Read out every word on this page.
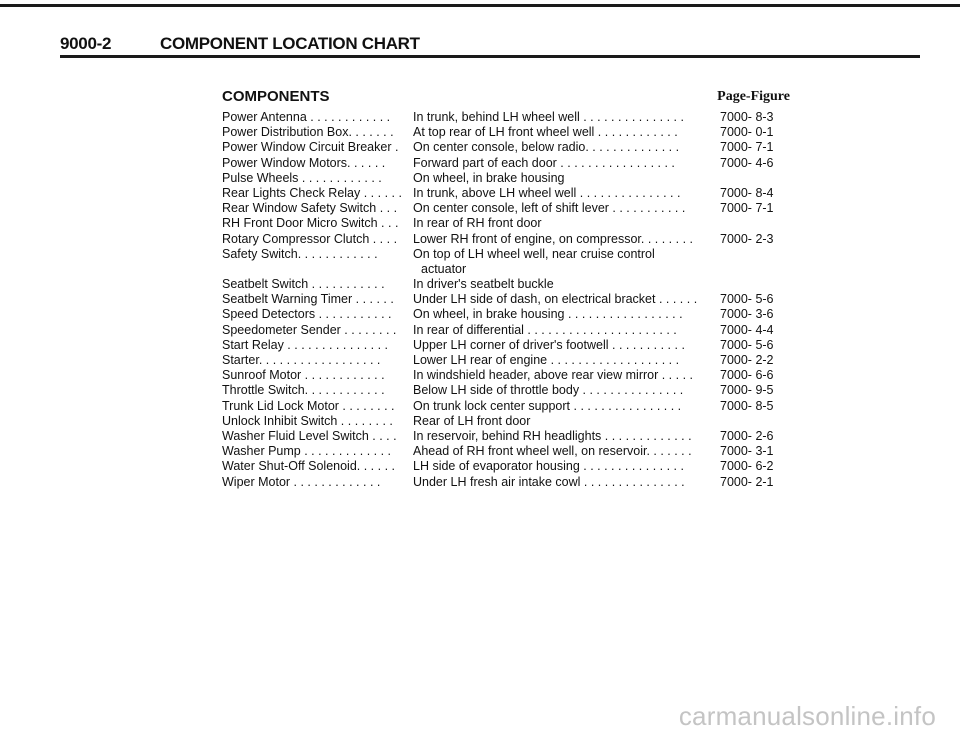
9000-2	COMPONENT LOCATION CHART
COMPONENTS	Page-Figure
Power Antenna . . . . . . . . . . . .	In trunk, behind LH wheel well . . . . . . . . . . . . . . .	7000- 8-3
Power Distribution Box. . . . . . .	At top rear of LH front wheel well . . . . . . . . . . . .	7000- 0-1
Power Window Circuit Breaker .	On center console, below radio. . . . . . . . . . . . . .	7000- 7-1
Power Window Motors. . . . . .	Forward part of each door . . . . . . . . . . . . . . . . .	7000- 4-6
Pulse Wheels . . . . . . . . . . . .	On wheel, in brake housing
Rear Lights Check Relay . . . . . . In trunk, above LH wheel well . . . . . . . . . . . . . . .	7000- 8-4
Rear Window Safety Switch . . .	On center console, left of shift lever . . . . . . . . . . .	7000- 7-1
RH Front Door Micro Switch . . .	In rear of RH front door
Rotary Compressor Clutch . . . .	Lower RH front of engine, on compressor. . . . . . . .	7000- 2-3
Safety Switch. . . . . . . . . . . .	On top of LH wheel well, near cruise control
actuator
Seatbelt Switch . . . . . . . . . . .	In driver's seatbelt buckle
Seatbelt Warning Timer . . . . . .	Under LH side of dash, on electrical bracket . . . . . .	7000- 5-6
Speed Detectors . . . . . . . . . . .	On wheel, in brake housing . . . . . . . . . . . . . . . . .	7000- 3-6
Speedometer Sender . . . . . . . .	In rear of differential . . . . . . . . . . . . . . . . . . . . . .	7000- 4-4
Start Relay . . . . . . . . . . . . . . .	Upper LH corner of driver's footwell . . . . . . . . . . .	7000- 5-6
Starter. . . . . . . . . . . . . . . . . .	Lower LH rear of engine . . . . . . . . . . . . . . . . . . .	7000- 2-2
Sunroof Motor . . . . . . . . . . . .	In windshield header, above rear view mirror . . . . .	7000- 6-6
Throttle Switch. . . . . . . . . . . .	Below LH side of throttle body . . . . . . . . . . . . . . .	7000- 9-5
Trunk Lid Lock Motor . . . . . . . .	On trunk lock center support . . . . . . . . . . . . . . . .	7000- 8-5
Unlock Inhibit Switch . . . . . . . .	Rear of LH front door
Washer Fluid Level Switch . . . .	In reservoir, behind RH headlights . . . . . . . . . . . . .	7000- 2-6
Washer Pump . . . . . . . . . . . . .	Ahead of RH front wheel well, on reservoir. . . . . . .	7000- 3-1
Water Shut-Off Solenoid. . . . . .	LH side of evaporator housing . . . . . . . . . . . . . . .	7000- 6-2
Wiper Motor . . . . . . . . . . . . .	Under LH fresh air intake cowl . . . . . . . . . . . . . . .	7000- 2-1
carmanualsonline.info
